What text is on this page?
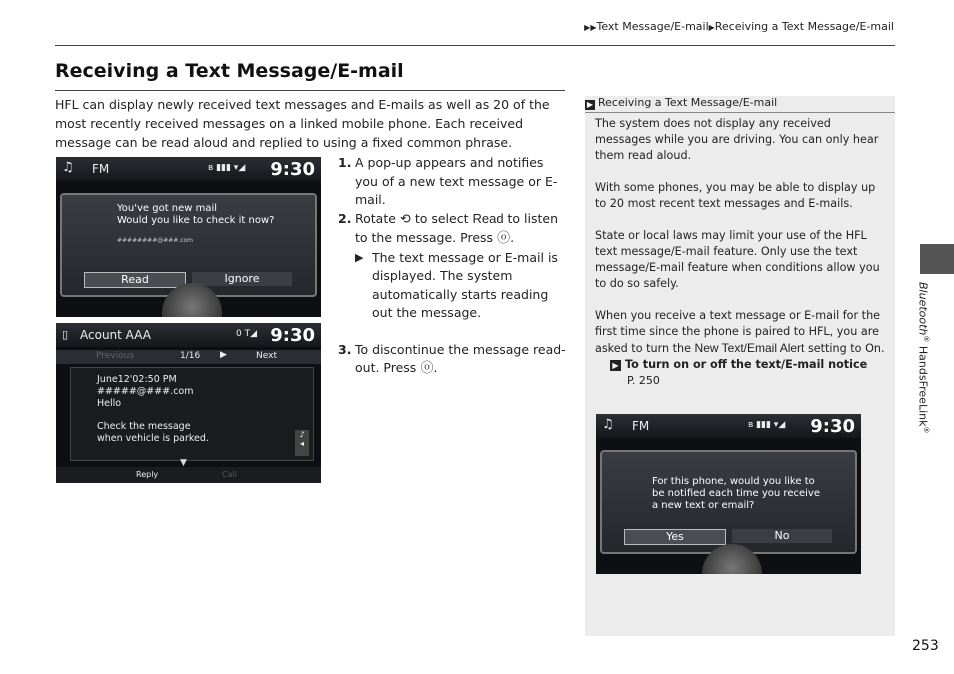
▶▶Text Message/E-mail▶Receiving a Text Message/E-mail
Receiving a Text Message/E-mail
HFL can display newly received text messages and E-mails as well as 20 of the most recently received messages on a linked mobile phone. Each received message can be read aloud and replied to using a fixed common phrase.
♫ FM	ʙ ▮▮▮ ▾◢ 9:30
You've got new mail
Would you like to check it now?
########@###.com
Read	Ignore
▯ Acount AAA	0 T◢ 9:30
Previous	1/16 ▶	Next
June12'02:50 PM
#####@###.com
Hello
Check the message
when vehicle is parked.	♪
◂
Reply	Call
▼
1. A pop-up appears and notifies you of a new text message or E-mail.
2. Rotate ⟲ to select Read to listen to the message. Press ⓞ.
▶ The text message or E-mail is displayed. The system automatically starts reading out the message.
3. To discontinue the message read-out. Press ⓞ.
▶ Receiving a Text Message/E-mail

The system does not display any received messages while you are driving. You can only hear them read aloud.

With some phones, you may be able to display up to 20 most recent text messages and E-mails.

State or local laws may limit your use of the HFL text message/E-mail feature. Only use the text message/E-mail feature when conditions allow you to do so safely.

When you receive a text message or E-mail for the first time since the phone is paired to HFL, you are asked to turn the New Text/Email Alert setting to On.

▶ To turn on or off the text/E-mail notice
P. 250
♫ FM	ʙ ▮▮▮ ▾◢ 9:30
For this phone, would you like to
be notified each time you receive
a new text or email?
Yes	No
Bluetooth® HandsFreeLink®
253
